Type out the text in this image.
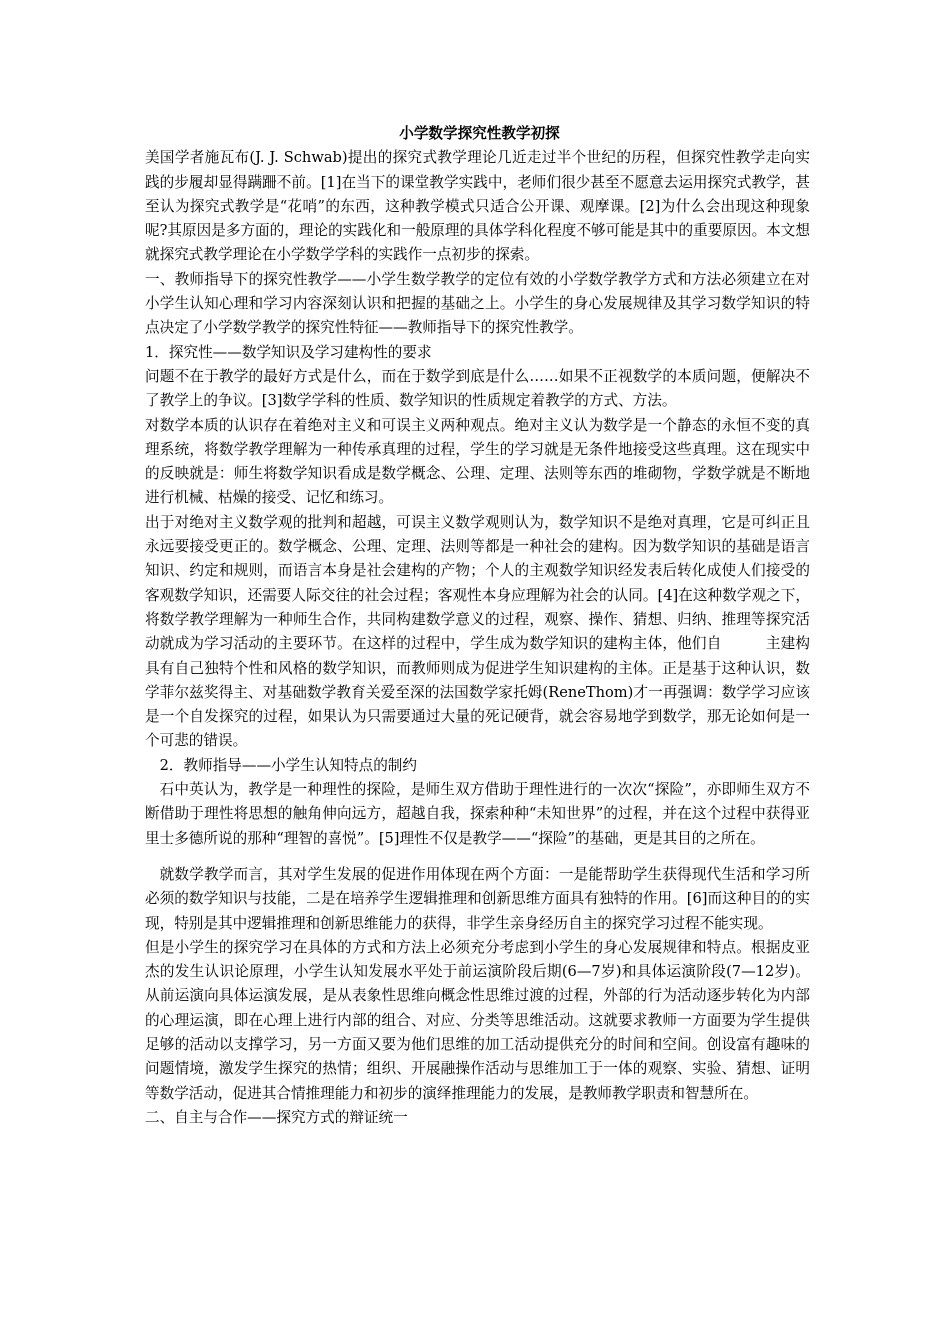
小学数学探究性教学初探

美国学者施瓦布(J. J. Schwab)提出的探究式教学理论几近走过半个世纪的历程，但探究性教学走向实践的步履却显得蹒跚不前。[1]在当下的课堂教学实践中，老师们很少甚至不愿意去运用探究式教学，甚至认为探究式教学是“花哨”的东西，这种教学模式只适合公开课、观摩课。[2]为什么会出现这种现象呢?其原因是多方面的，理论的实践化和一般原理的具体学科化程度不够可能是其中的重要原因。本文想就探究式教学理论在小学数学学科的实践作一点初步的探索。

一、教师指导下的探究性教学——小学生数学教学的定位有效的小学数学教学方式和方法必须建立在对小学生认知心理和学习内容深刻认识和把握的基础之上。小学生的身心发展规律及其学习数学知识的特点决定了小学数学教学的探究性特征——教师指导下的探究性教学。

1．探究性——数学知识及学习建构性的要求

问题不在于教学的最好方式是什么，而在于数学到底是什么……如果不正视数学的本质问题，便解决不了教学上的争议。[3]数学学科的性质、数学知识的性质规定着教学的方式、方法。

对数学本质的认识存在着绝对主义和可误主义两种观点。绝对主义认为数学是一个静态的永恒不变的真理系统，将数学教学理解为一种传承真理的过程，学生的学习就是无条件地接受这些真理。这在现实中的反映就是：师生将数学知识看成是数学概念、公理、定理、法则等东西的堆砌物，学数学就是不断地进行机械、枯燥的接受、记忆和练习。

出于对绝对主义数学观的批判和超越，可误主义数学观则认为，数学知识不是绝对真理，它是可纠正且永远要接受更正的。数学概念、公理、定理、法则等都是一种社会的建构。因为数学知识的基础是语言知识、约定和规则，而语言本身是社会建构的产物；个人的主观数学知识经发表后转化成使人们接受的客观数学知识，还需要人际交往的社会过程；客观性本身应理解为社会的认同。[4]在这种数学观之下，将数学教学理解为一种师生合作，共同构建数学意义的过程，观察、操作、猜想、归纳、推理等探究活动就成为学习活动的主要环节。在这样的过程中，学生成为数学知识的建构主体，他们自　　　主建构具有自己独特个性和风格的数学知识，而教师则成为促进学生知识建构的主体。正是基于这种认识，数学菲尔兹奖得主、对基础数学教育关爱至深的法国数学家托姆(ReneThom)才一再强调：数学学习应该是一个自发探究的过程，如果认为只需要通过大量的死记硬背，就会容易地学到数学，那无论如何是一个可悲的错误。

2．教师指导——小学生认知特点的制约

石中英认为，教学是一种理性的探险，是师生双方借助于理性进行的一次次“探险”，亦即师生双方不断借助于理性将思想的触角伸向远方，超越自我，探索种种“未知世界”的过程，并在这个过程中获得亚里士多德所说的那种“理智的喜悦”。[5]理性不仅是教学——“探险”的基础，更是其目的之所在。

就数学教学而言，其对学生发展的促进作用体现在两个方面：一是能帮助学生获得现代生活和学习所必须的数学知识与技能，二是在培养学生逻辑推理和创新思维方面具有独特的作用。[6]而这种目的的实现，特别是其中逻辑推理和创新思维能力的获得，非学生亲身经历自主的探究学习过程不能实现。

但是小学生的探究学习在具体的方式和方法上必须充分考虑到小学生的身心发展规律和特点。根据皮亚杰的发生认识论原理，小学生认知发展水平处于前运演阶段后期(6—7岁)和具体运演阶段(7—12岁)。从前运演向具体运演发展，是从表象性思维向概念性思维过渡的过程，外部的行为活动逐步转化为内部的心理运演，即在心理上进行内部的组合、对应、分类等思维活动。这就要求教师一方面要为学生提供足够的活动以支撑学习，另一方面又要为他们思维的加工活动提供充分的时间和空间。创设富有趣味的问题情境，激发学生探究的热情；组织、开展融操作活动与思维加工于一体的观察、实验、猜想、证明等数学活动，促进其合情推理能力和初步的演绎推理能力的发展，是教师教学职责和智慧所在。

二、自主与合作——探究方式的辩证统一
